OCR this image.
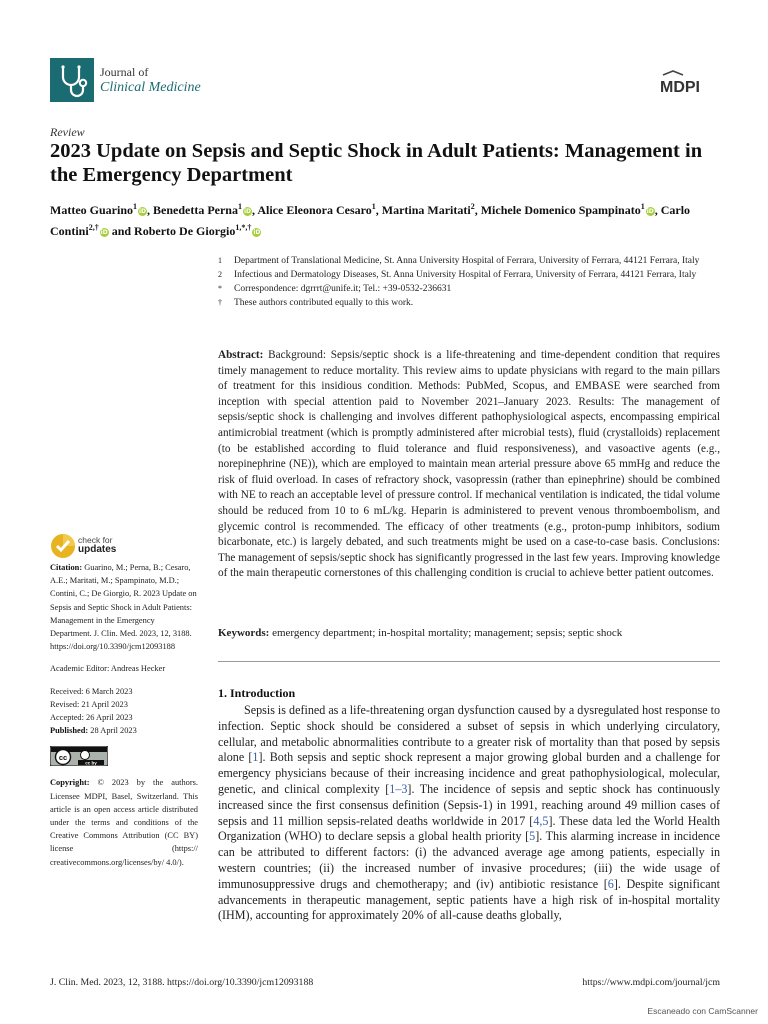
Journal of
Clinical Medicine	MDPI
Review
2023 Update on Sepsis and Septic Shock in Adult Patients: Management in the Emergency Department
Matteo Guarino$^1$iD, Benedetta Perna$^1$iD, Alice Eleonora Cesaro$^1$, Martina Maritati$^2$, Michele Domenico Spampinato$^1$iD, Carlo Contini$^{2,\dagger}$iD and Roberto De Giorgio$^{1,*,\dagger}$iD
1 Department of Translational Medicine, St. Anna University Hospital of Ferrara, University of Ferrara, 44121 Ferrara, Italy
2 Infectious and Dermatology Diseases, St. Anna University Hospital of Ferrara, University of Ferrara, 44121 Ferrara, Italy
* Correspondence: dgrrrt@unife.it; Tel.: +39-0532-236631
† These authors contributed equally to this work.
Abstract: Background: Sepsis/septic shock is a life-threatening and time-dependent condition that requires timely management to reduce mortality. This review aims to update physicians with regard to the main pillars of treatment for this insidious condition. Methods: PubMed, Scopus, and EMBASE were searched from inception with special attention paid to November 2021–January 2023. Results: The management of sepsis/septic shock is challenging and involves different pathophysiological aspects, encompassing empirical antimicrobial treatment (which is promptly administered after microbial tests), fluid (crystalloids) replacement (to be established according to fluid tolerance and fluid responsiveness), and vasoactive agents (e.g., norepinephrine (NE)), which are employed to maintain mean arterial pressure above 65 mmHg and reduce the risk of fluid overload. In cases of refractory shock, vasopressin (rather than epinephrine) should be combined with NE to reach an acceptable level of pressure control. If mechanical ventilation is indicated, the tidal volume should be reduced from 10 to 6 mL/kg. Heparin is administered to prevent venous thromboembolism, and glycemic control is recommended. The efficacy of other treatments (e.g., proton-pump inhibitors, sodium bicarbonate, etc.) is largely debated, and such treatments might be used on a case-to-case basis. Conclusions: The management of sepsis/septic shock has significantly progressed in the last few years. Improving knowledge of the main therapeutic cornerstones of this challenging condition is crucial to achieve better patient outcomes.
Keywords: emergency department; in-hospital mortality; management; sepsis; septic shock
1. Introduction
Sepsis is defined as a life-threatening organ dysfunction caused by a dysregulated host response to infection. Septic shock should be considered a subset of sepsis in which underlying circulatory, cellular, and metabolic abnormalities contribute to a greater risk of mortality than that posed by sepsis alone [1]. Both sepsis and septic shock represent a major growing global burden and a challenge for emergency physicians because of their increasing incidence and great pathophysiological, molecular, genetic, and clinical complexity [1–3]. The incidence of sepsis and septic shock has continuously increased since the first consensus definition (Sepsis-1) in 1991, reaching around 49 million cases of sepsis and 11 million sepsis-related deaths worldwide in 2017 [4,5]. These data led the World Health Organization (WHO) to declare sepsis a global health priority [5]. This alarming increase in incidence can be attributed to different factors: (i) the advanced average age among patients, especially in western countries; (ii) the increased number of invasive procedures; (iii) the wide usage of immunosuppressive drugs and chemotherapy; and (iv) antibiotic resistance [6]. Despite significant advancements in therapeutic management, septic patients have a high risk of in-hospital mortality (IHM), accounting for approximately 20% of all-cause deaths globally,
check for
updates
Citation: Guarino, M.; Perna, B.; Cesaro, A.E.; Maritati, M.; Spampinato, M.D.; Contini, C.; De Giorgio, R. 2023 Update on Sepsis and Septic Shock in Adult Patients: Management in the Emergency Department. J. Clin. Med. 2023, 12, 3188. https://doi.org/10.3390/jcm12093188
Academic Editor: Andreas Hecker
Received: 6 March 2023
Revised: 21 April 2023
Accepted: 26 April 2023
Published: 28 April 2023
cc
cc by
Copyright: © 2023 by the authors. Licensee MDPI, Basel, Switzerland. This article is an open access article distributed under the terms and conditions of the Creative Commons Attribution (CC BY) license (https:// creativecommons.org/licenses/by/ 4.0/).
J. Clin. Med. 2023, 12, 3188. https://doi.org/10.3390/jcm12093188	https://www.mdpi.com/journal/jcm
Escaneado con CamScanner
